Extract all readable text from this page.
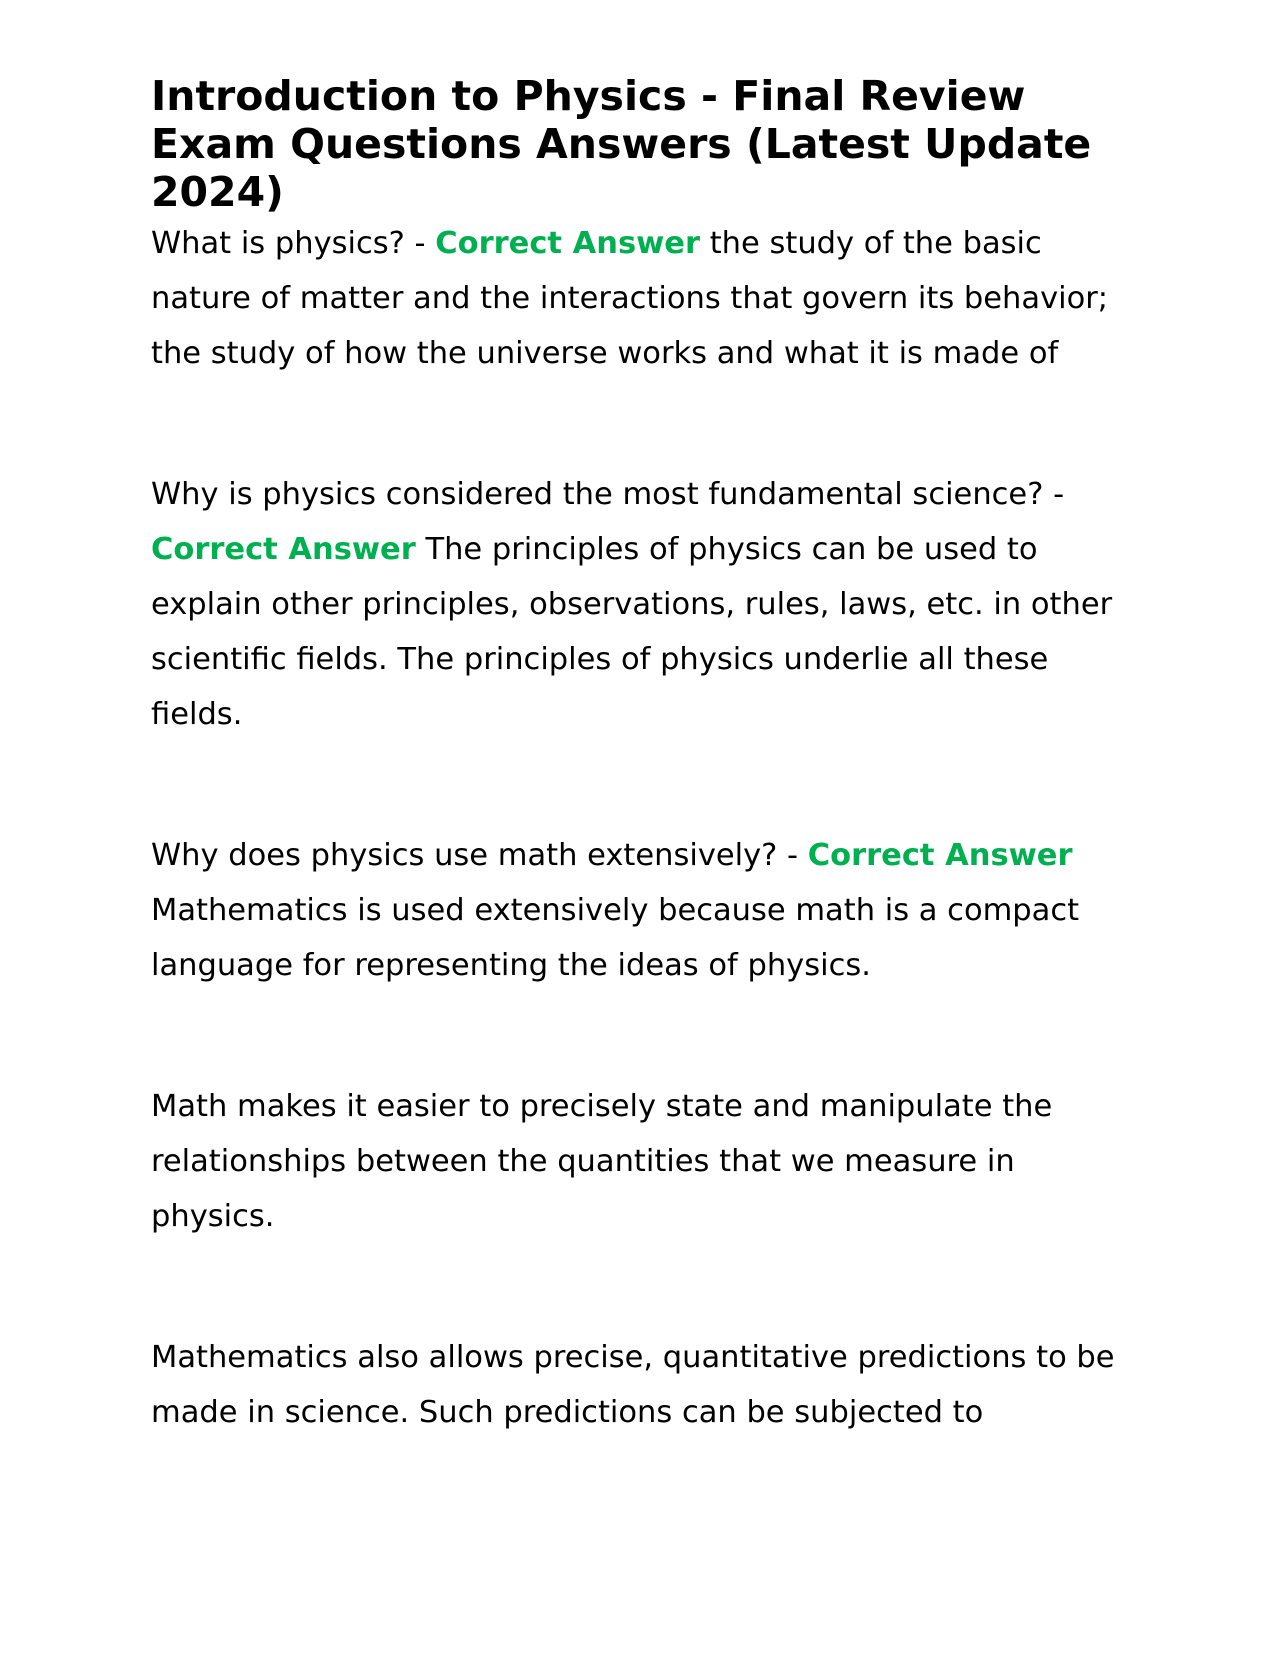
Introduction to Physics - Final Review Exam Questions Answers (Latest Update 2024)

What is physics? - Correct Answer the study of the basic nature of matter and the interactions that govern its behavior; the study of how the universe works and what it is made of

Why is physics considered the most fundamental science? - Correct Answer The principles of physics can be used to explain other principles, observations, rules, laws, etc. in other scientific fields. The principles of physics underlie all these fields.

Why does physics use math extensively? - Correct Answer Mathematics is used extensively because math is a compact language for representing the ideas of physics.

Math makes it easier to precisely state and manipulate the relationships between the quantities that we measure in physics.

Mathematics also allows precise, quantitative predictions to be made in science. Such predictions can be subjected to
